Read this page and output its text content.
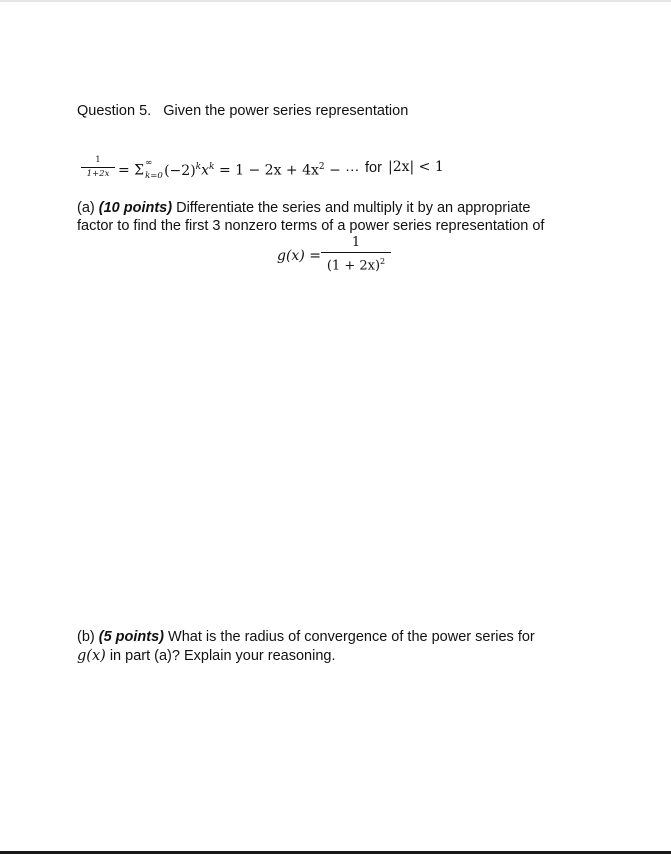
Question 5. Given the power series representation
1
1+2x = Σ ∞
k=0 $(-2)^kx^k = 1 - 2x + 4x^2$ − ⋯ for |2x| < 1
(a) (10 points) Differentiate the series and multiply it by an appropriate
factor to find the first 3 nonzero terms of a power series representation of
g(x) =
1
$(1 + 2x)^2$
(b) (5 points) What is the radius of convergence of the power series for
g(x) in part (a)? Explain your reasoning.
